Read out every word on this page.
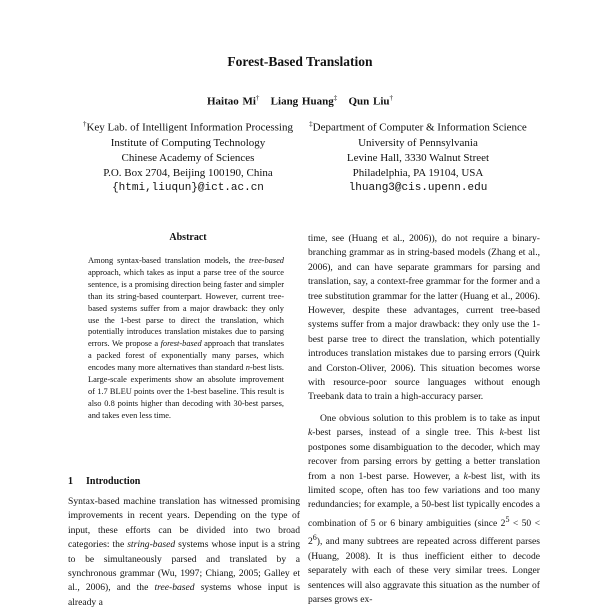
Forest-Based Translation
Haitao Mi† Liang Huang‡ Qun Liu†
†Key Lab. of Intelligent Information Processing
Institute of Computing Technology
Chinese Academy of Sciences
P.O. Box 2704, Beijing 100190, China
{htmi,liuqun}@ict.ac.cn
‡Department of Computer & Information Science
University of Pennsylvania
Levine Hall, 3330 Walnut Street
Philadelphia, PA 19104, USA
lhuang3@cis.upenn.edu
Abstract

Among syntax-based translation models, the tree-based approach, which takes as input a parse tree of the source sentence, is a promising direction being faster and simpler than its string-based counterpart. However, current tree-based systems suffer from a major drawback: they only use the 1-best parse to direct the translation, which potentially introduces translation mistakes due to parsing errors. We propose a forest-based approach that translates a packed forest of exponentially many parses, which encodes many more alternatives than standard n-best lists. Large-scale experiments show an absolute improvement of 1.7 BLEU points over the 1-best baseline. This result is also 0.8 points higher than decoding with 30-best parses, and takes even less time.

1 Introduction

Syntax-based machine translation has witnessed promising improvements in recent years. Depending on the type of input, these efforts can be divided into two broad categories: the string-based systems whose input is a string to be simultaneously parsed and translated by a synchronous grammar (Wu, 1997; Chiang, 2005; Galley et al., 2006), and the tree-based systems whose input is already a

time, see (Huang et al., 2006)), do not require a binary-branching grammar as in string-based models (Zhang et al., 2006), and can have separate grammars for parsing and translation, say, a context-free grammar for the former and a tree substitution grammar for the latter (Huang et al., 2006). However, despite these advantages, current tree-based systems suffer from a major drawback: they only use the 1-best parse tree to direct the translation, which potentially introduces translation mistakes due to parsing errors (Quirk and Corston-Oliver, 2006). This situation becomes worse with resource-poor source languages without enough Treebank data to train a high-accuracy parser.

One obvious solution to this problem is to take as input k-best parses, instead of a single tree. This k-best list postpones some disambiguation to the decoder, which may recover from parsing errors by getting a better translation from a non 1-best parse. However, a k-best list, with its limited scope, often has too few variations and too many redundancies; for example, a 50-best list typically encodes a combination of 5 or 6 binary ambiguities (since $2^5 < 50 < 2^6$), and many subtrees are repeated across different parses (Huang, 2008). It is thus inefficient either to decode separately with each of these very similar trees. Longer sentences will also aggravate this situation as the number of parses grows ex-
